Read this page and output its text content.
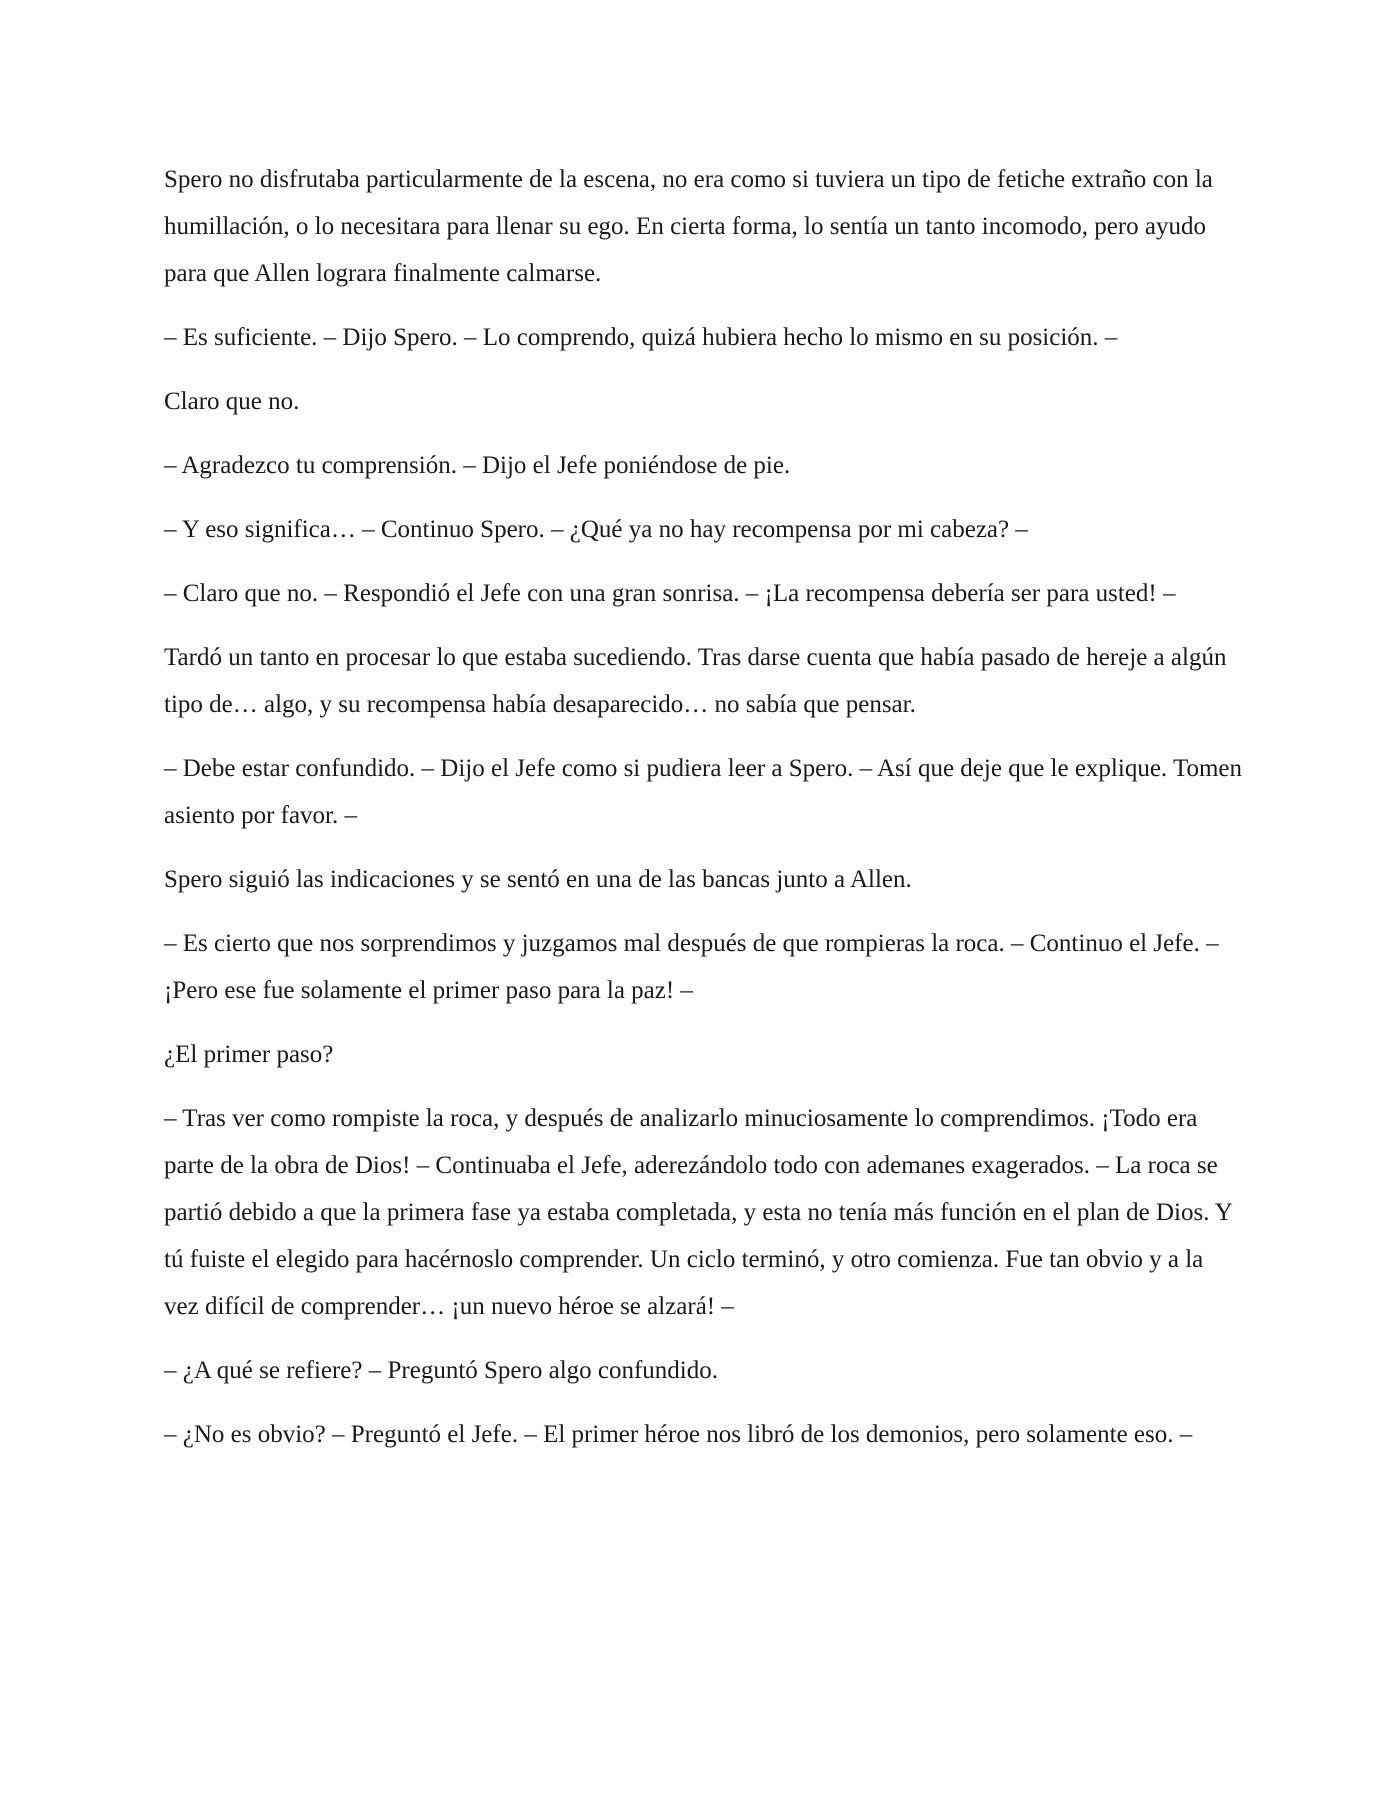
Spero no disfrutaba particularmente de la escena, no era como si tuviera un tipo de fetiche extraño con la humillación, o lo necesitara para llenar su ego. En cierta forma, lo sentía un tanto incomodo, pero ayudo para que Allen lograra finalmente calmarse.

– Es suficiente. – Dijo Spero. – Lo comprendo, quizá hubiera hecho lo mismo en su posición. –

Claro que no.

– Agradezco tu comprensión. – Dijo el Jefe poniéndose de pie.

– Y eso significa… – Continuo Spero. – ¿Qué ya no hay recompensa por mi cabeza? –

– Claro que no. – Respondió el Jefe con una gran sonrisa. – ¡La recompensa debería ser para usted! –

Tardó un tanto en procesar lo que estaba sucediendo. Tras darse cuenta que había pasado de hereje a algún tipo de… algo, y su recompensa había desaparecido… no sabía que pensar.

– Debe estar confundido. – Dijo el Jefe como si pudiera leer a Spero. – Así que deje que le explique. Tomen asiento por favor. –

Spero siguió las indicaciones y se sentó en una de las bancas junto a Allen.

– Es cierto que nos sorprendimos y juzgamos mal después de que rompieras la roca. – Continuo el Jefe. – ¡Pero ese fue solamente el primer paso para la paz! –

¿El primer paso?

– Tras ver como rompiste la roca, y después de analizarlo minuciosamente lo comprendimos. ¡Todo era parte de la obra de Dios! – Continuaba el Jefe, aderezándolo todo con ademanes exagerados. – La roca se partió debido a que la primera fase ya estaba completada, y esta no tenía más función en el plan de Dios. Y tú fuiste el elegido para hacérnoslo comprender. Un ciclo terminó, y otro comienza. Fue tan obvio y a la vez difícil de comprender… ¡un nuevo héroe se alzará! –

– ¿A qué se refiere? – Preguntó Spero algo confundido.

– ¿No es obvio? – Preguntó el Jefe. – El primer héroe nos libró de los demonios, pero solamente eso. –
